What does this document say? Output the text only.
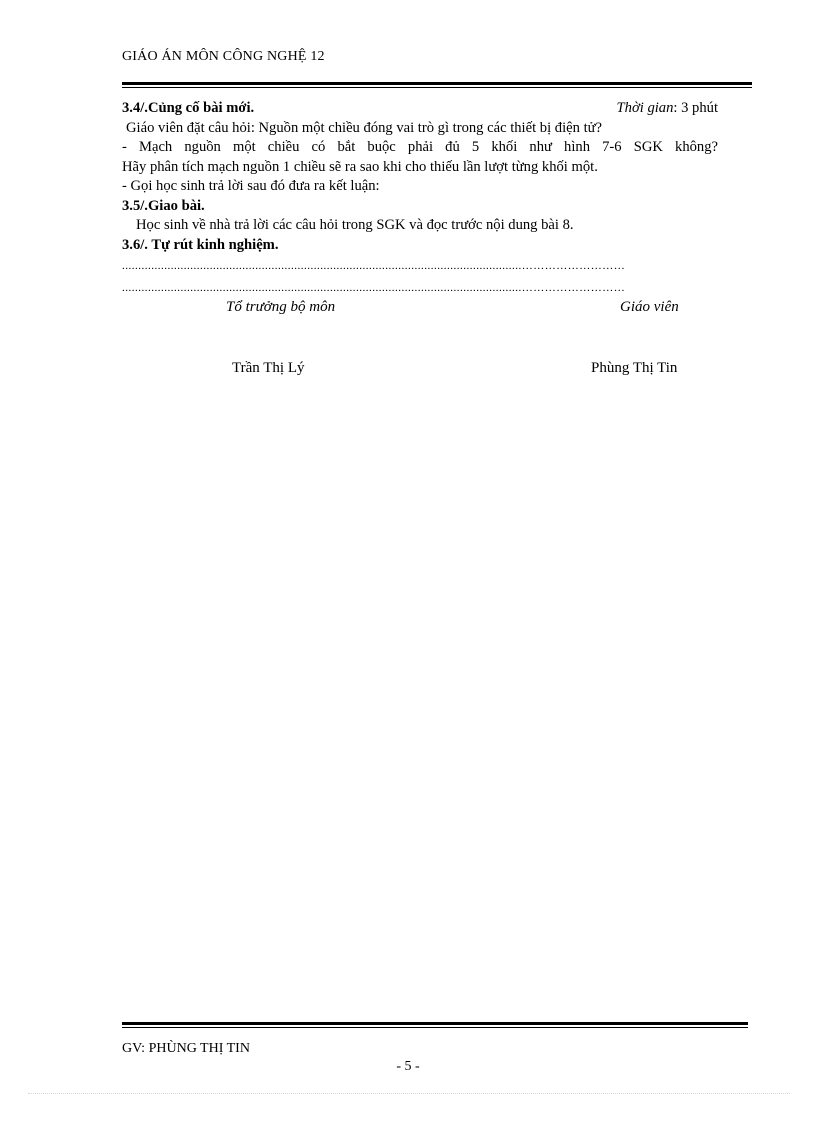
GIÁO ÁN MÔN CÔNG NGHỆ 12
3.4/.Củng cố bài mới.	Thời gian: 3 phút
Giáo viên đặt câu hỏi: Nguồn một chiều đóng vai trò gì trong các thiết bị điện tử?
- Mạch nguồn một chiều có bắt buộc phải đủ 5 khối như hình 7-6 SGK không?
Hãy phân tích mạch nguồn 1 chiều sẽ ra sao khi cho thiếu lần lượt từng khối một.
- Gọi học sinh trả lời sau đó đưa ra kết luận:
3.5/.Giao bài.
Học sinh về nhà trả lời các câu hỏi trong SGK và đọc trước nội dung bài 8.
3.6/. Tự rút kinh nghiệm.
...........................................................................................................................………………………
...........................................................................................................................………………………
Tổ trưởng bộ môn	Giáo viên
Trần Thị Lý	Phùng Thị Tin
GV: PHÙNG THỊ TIN
- 5 -
